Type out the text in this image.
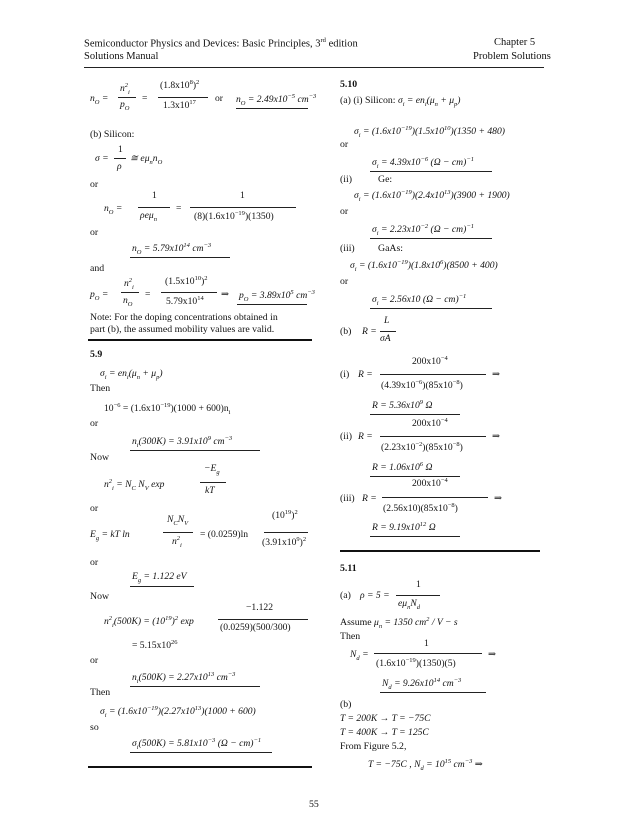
Semiconductor Physics and Devices: Basic Principles, 3rd edition
Solutions Manual
Chapter 5
Problem Solutions
$n_O$ =
$n^2_i$
$p_O$
=
$(1.8x10^8)^2$
$1.3x10^{17}$ or $n_O = 2.49x10^{-5}$ $cm^{-3}$
(b) Silicon:
σ =
1
ρ
≅ $e\mu_nn_O$
or
$n_O$ =
1
ρeμ$_n$
=
1
$(8)(1.6x10^{-19})(1350)$
or
$n_O = 5.79x10^{14}$ $cm^{-3}$
and
$p_O$ =
$n^2_i$
$n_O$
=
$(1.5x10^{10})^2$
$5.79x10^{14}$ ⇒ $p_O = 3.89x10^5$ $cm^{-3}$
Note: For the doping concentrations obtained in
part (b), the assumed mobility values are valid.
5.9
$\sigma_i = en_i(\mu_n + \mu_p)$
Then
$10^{-6} = (1.6x10^{-19})(1000 + 600)n_i$
or
$n_i(300K) = 3.91x10^9$ $cm^{-3}$
Now
$n^2_i = N_C$ $N_V$ exp
$-E_g$
kT
or
$E_g$ = kT ln
$N_CN_V$
$n^2_i$
= (0.0259)ln
$(10^{19})^2$
$(3.91x10^9)^2$
or
$E_g = 1.122$ eV
Now
$n^2_i(500K) = (10^{19})^2$ exp
−1.122
(0.0259)(500/300)
= $5.15x10^{26}$
or
$n_i(500K) = 2.27x10^{13}$ $cm^{-3}$
Then
$\sigma_i = (1.6x10^{-19})(2.27x10^{13})(1000 + 600)$
so
$\sigma_i(500K) = 5.81x10^{-3}$ (Ω − cm)$^{-1}$
5.10
(a) (i) Silicon: $\sigma_i = en_i(\mu_n + \mu_p)$
$\sigma_i = (1.6x10^{-19})(1.5x10^{10})(1350 + 480)$
or
$\sigma_i = 4.39x10^{-6}$ (Ω − cm)$^{-1}$
(ii)	Ge:
$\sigma_i = (1.6x10^{-19})(2.4x10^{13})(3900 + 1900)$
or
$\sigma_i = 2.23x10^{-2}$ (Ω − cm)$^{-1}$
(iii) GaAs:
$\sigma_i = (1.6x10^{-19})(1.8x10^6)(8500 + 400)$
or
$\sigma_i = 2.56x10$ (Ω − cm)$^{-1}$
(b) R =
L
σA
(i) R =
$200x10^{-4}$
$(4.39x10^{-6})(85x10^{-8})$
⇒
$R = 5.36x10^9$ Ω
(ii) R =
$200x10^{-4}$
$(2.23x10^{-2})(85x10^{-8})$
⇒
$R = 1.06x10^6$ Ω
(iii) R =
$200x10^{-4}$
$(2.56x10)(85x10^{-8})$
⇒
$R = 9.19x10^{12}$ Ω
5.11
(a) ρ = 5 =
1
$e\mu_nN_d$
Assume $\mu_n = 1350$ $cm^2 / V - s$
Then
$N_d$ =
1
$(1.6x10^{-19})(1350)(5)$
⇒
$N_d = 9.26x10^{14}$ $cm^{-3}$
(b)
T = 200K → T = −75C
T = 400K → T = 125C
From Figure 5.2,
T = −75C , $N_d = 10^{15}$ $cm^{-3}$ ⇒
55
